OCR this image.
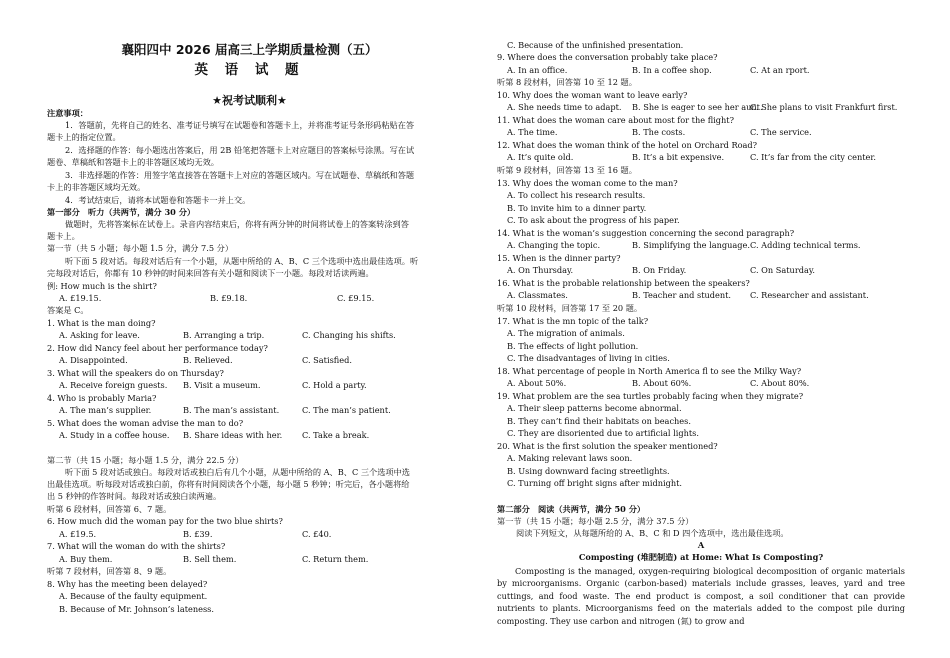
襄阳四中 2026 届高三上学期质量检测（五）
英 语 试 题
★祝考试顺利★
注意事项：
1．答题前，先将自己的姓名、准考证号填写在试题卷和答题卡上，并将准考证号条形码粘贴在答
题卡上的指定位置。
2．选择题的作答：每小题选出答案后，用 2B 铅笔把答题卡上对应题目的答案标号涂黑。写在试
题卷、草稿纸和答题卡上的非答题区域均无效。
3．非选择题的作答：用签字笔直接答在答题卡上对应的答题区域内。写在试题卷、草稿纸和答题
卡上的非答题区域均无效。
4．考试结束后，请将本试题卷和答题卡一并上交。
第一部分　听力（共两节，满分 30 分）
做题时，先将答案标在试卷上。录音内容结束后，你将有两分钟的时间将试卷上的答案转涂到答
题卡上。
第一节（共 5 小题；每小题 1.5 分，满分 7.5 分）
听下面 5 段对话。每段对话后有一个小题，从题中所给的 A、B、C 三个选项中选出最佳选项。听
完每段对话后，你都有 10 秒钟的时间来回答有关小题和阅读下一小题。每段对话读两遍。
例: How much is the shirt?
A. £19.15.	B. £9.18.	C. £9.15.
答案是 C。
1. What is the man doing?
A. Asking for leave.	B. Arranging a trip.	C. Changing his shifts.
2. How did Nancy feel about her performance today?
A. Disappointed.	B. Relieved.	C. Satisfied.
3. What will the speakers do on Thursday?
A. Receive foreign guests. B. Visit a museum.	C. Hold a party.
4. Who is probably Maria?
A. The man’s supplier.	B. The man’s assistant.	C. The man’s patient.
5. What does the woman advise the man to do?
A. Study in a coffee house. B. Share ideas with her. C. Take a break.
第二节（共 15 小题；每小题 1.5 分，满分 22.5 分）
听下面 5 段对话或独白。每段对话或独白后有几个小题，从题中所给的 A、B、C 三个选项中选
出最佳选项。听每段对话或独白前，你将有时间阅读各个小题，每小题 5 秒钟；听完后，各小题将给
出 5 秒钟的作答时间。每段对话或独白读两遍。
听第 6 段材料，回答第 6、7 题。
6. How much did the woman pay for the two blue shirts?
A. £19.5.	B. £39.	C. £40.
7. What will the woman do with the shirts?
A. Buy them.	B. Sell them.	C. Return them.
听第 7 段材料，回答第 8、9 题。
8. Why has the meeting been delayed?
A. Because of the faulty equipment.
B. Because of Mr. Johnson’s lateness.
C. Because of the unfinished presentation.
9. Where does the conversation probably take place?
A. In an office.	B. In a coffee shop.	C. At an rport.
听第 8 段材料，回答第 10 至 12 题。
10. Why does the woman want to leave early?
A. She needs time to adapt. B. She is eager to see her aunt.
C. She plans to visit Frankfurt first.
11. What does the woman care about most for the flight?
A. The time.	B. The costs.	C. The service.
12. What does the woman think of the hotel on Orchard Road?
A. It’s quite old.	B. It’s a bit expensive.	C. It’s far from the city center.
听第 9 段材料，回答第 13 至 16 题。
13. Why does the woman come to the man?
A. To collect his research results.
B. To invite him to a dinner party.
C. To ask about the progress of his paper.
14. What is the woman’s suggestion concerning the second paragraph?
A. Changing the topic.	B. Simplifying the language. C. Adding technical terms.
15. When is the dinner party?
A. On Thursday.	B. On Friday.	C. On Saturday.
16. What is the probable relationship between the speakers?
A. Classmates.	B. Teacher and student. C. Researcher and assistant.
听第 10 段材料，回答第 17 至 20 题。
17. What is the mn topic of the talk?
A. The migration of animals.
B. The effects of light pollution.
C. The disadvantages of living in cities.
18. What percentage of people in North America fl to see the Milky Way?
A. About 50%.	B. About 60%.	C. About 80%.
19. What problem are the sea turtles probably facing when they migrate?
A. Their sleep patterns become abnormal.
B. They can’t find their habitats on beaches.
C. They are disoriented due to artificial lights.
20. What is the first solution the speaker mentioned?
A. Making relevant laws soon.
B. Using downward facing streetlights.
C. Turning off bright signs after midnight.
第二部分　阅读（共两节，满分 50 分）
第一节（共 15 小题；每小题 2.5 分，满分 37.5 分）
阅读下列短文，从每题所给的 A、B、C 和 D 四个选项中，选出最佳选项。
A
Composting (堆肥制造) at Home: What Is Composting?
Composting is the managed, oxygen-requiring biological decomposition of organic materials by microorganisms. Organic (carbon-based) materials include grasses, leaves, yard and tree cuttings, and food waste. The end product is compost, a soil conditioner that can provide nutrients to plants. Microorganisms feed on the materials added to the compost pile during composting. They use carbon and nitrogen (氮) to grow and
